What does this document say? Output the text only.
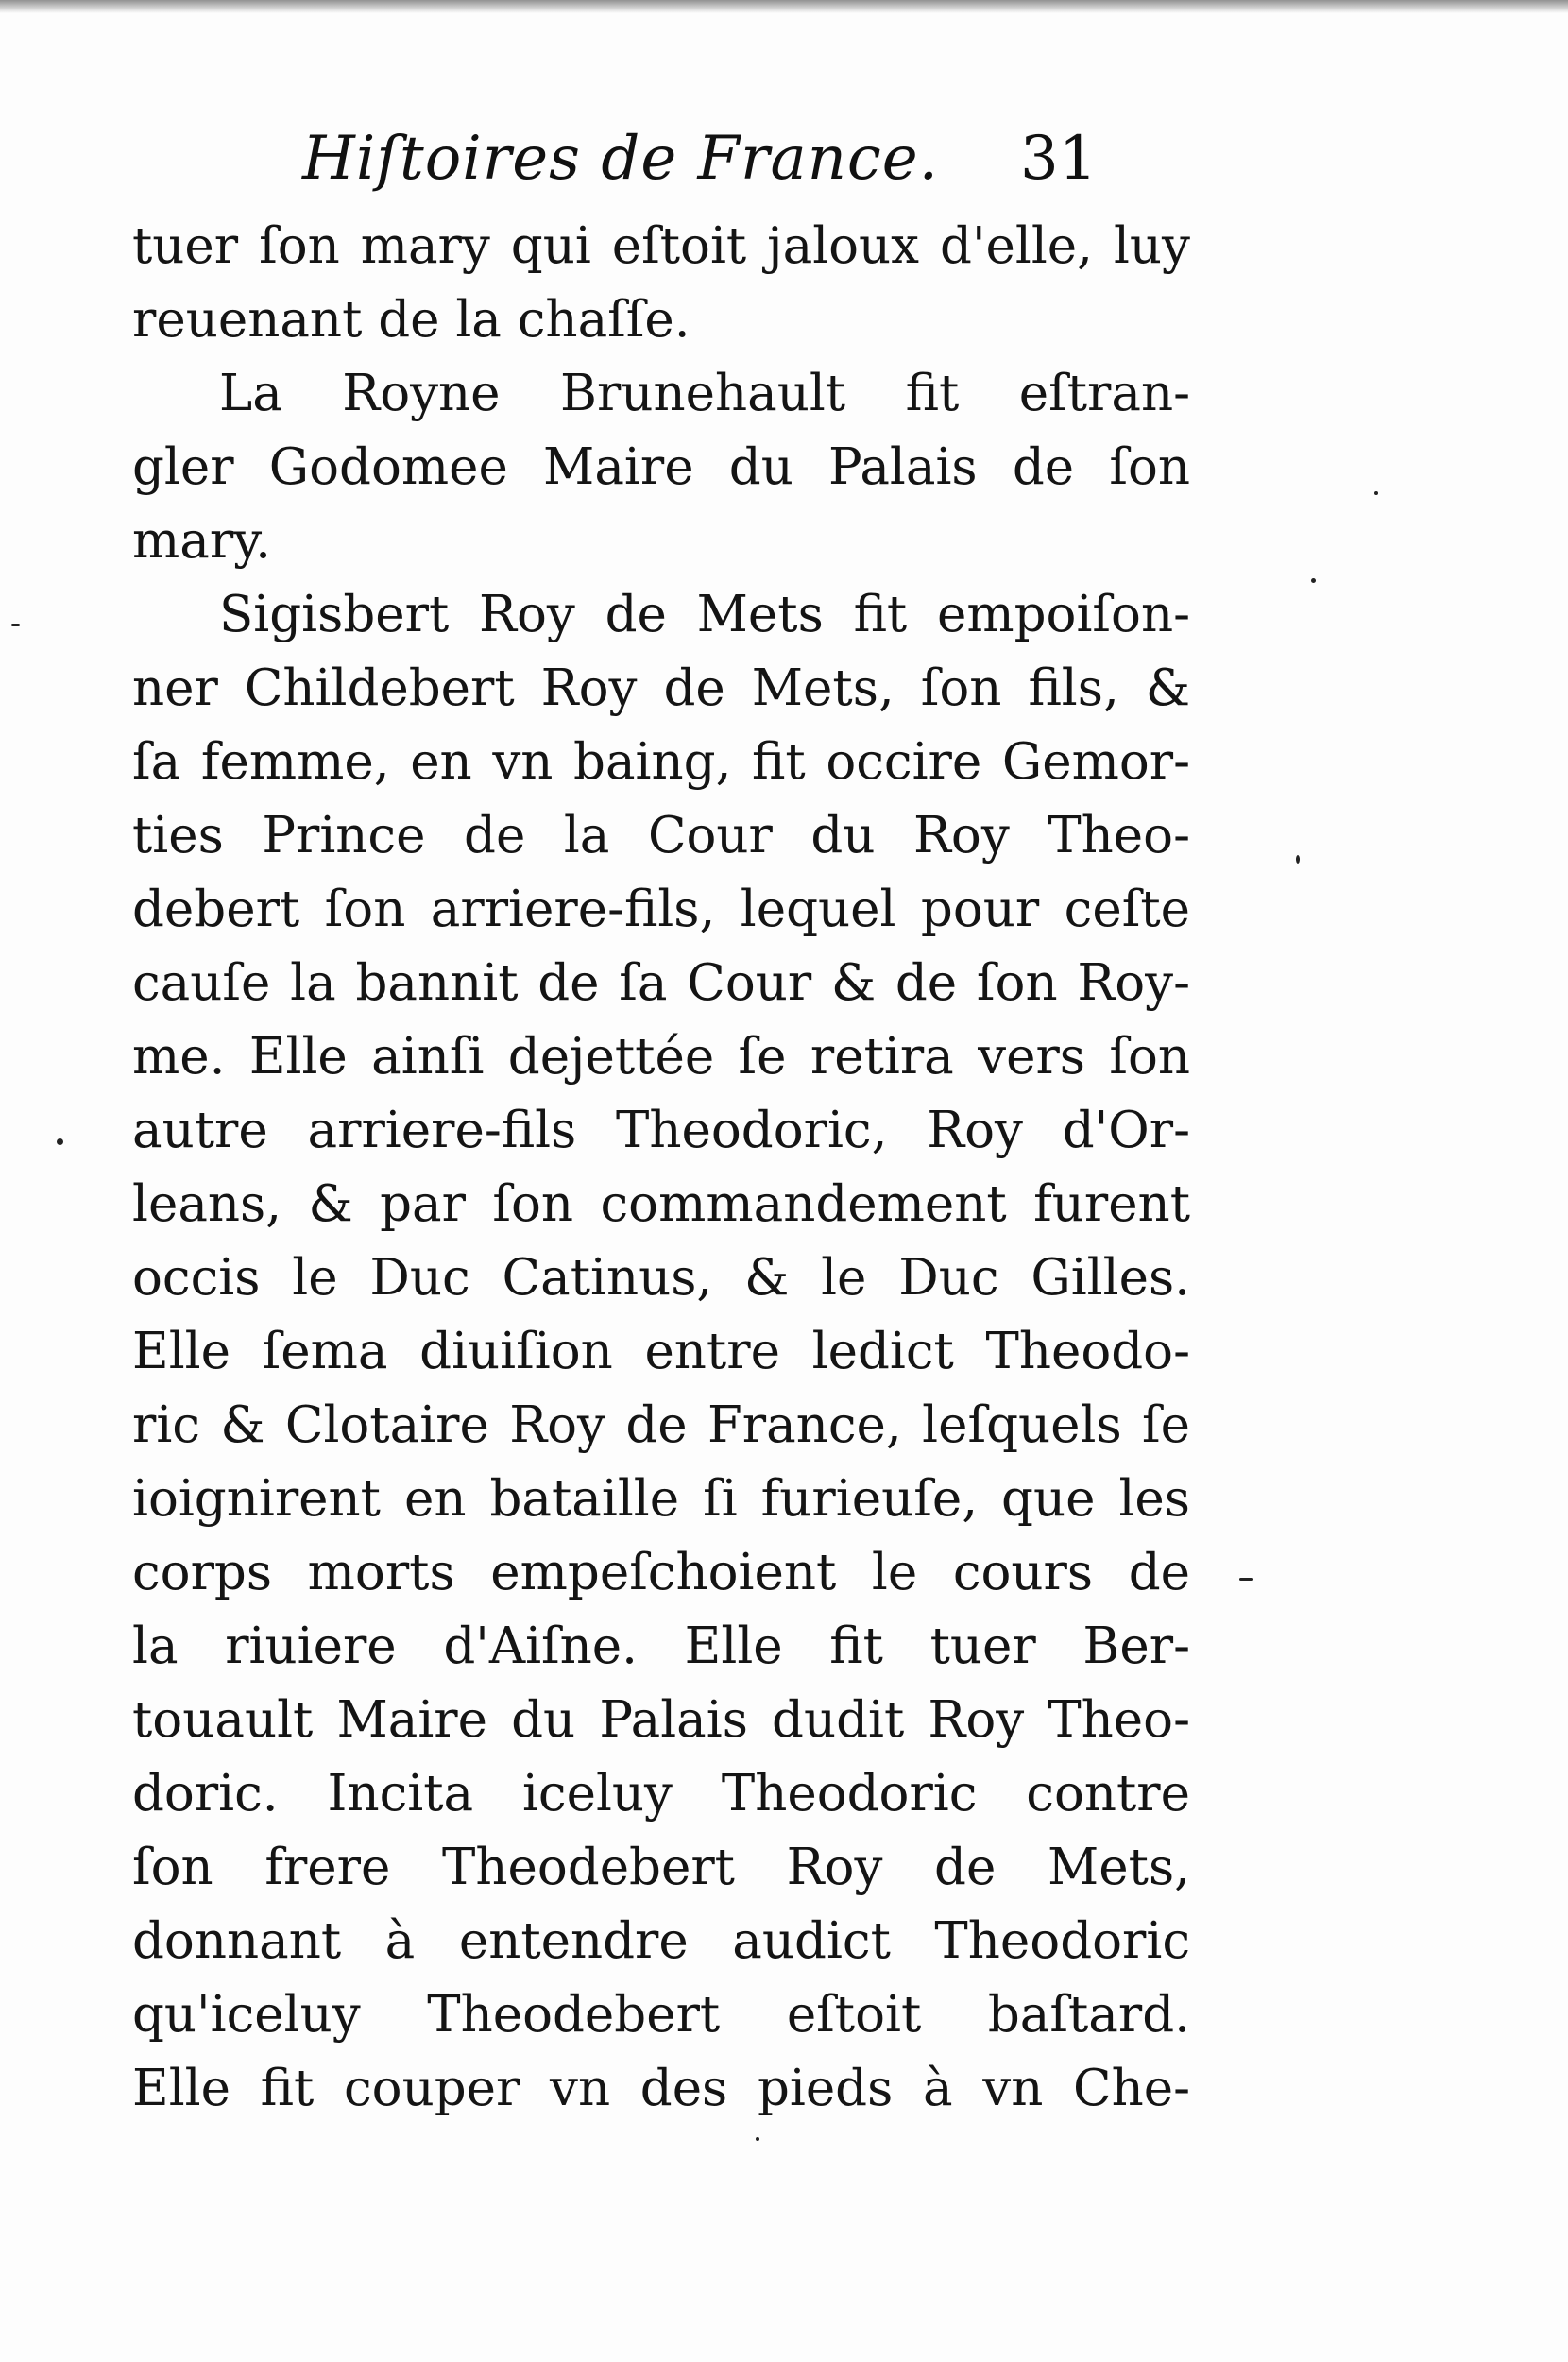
Hiſtoires de France. 31
tuer ſon mary qui eſtoit jaloux d'elle, luy
reuenant de la chaſſe.
La Royne Brunehault fit eſtran-
gler Godomee Maire du Palais de ſon
mary.
Sigisbert Roy de Mets fit empoiſon-
ner Childebert Roy de Mets, ſon fils, &
ſa femme, en vn baing, fit occire Gemor-
ties Prince de la Cour du Roy Theo-
debert ſon arriere-fils, lequel pour ceſte
cauſe la bannit de ſa Cour & de ſon Roy-
me. Elle ainſi dejettée ſe retira vers ſon
autre arriere-fils Theodoric, Roy d'Or-
leans, & par ſon commandement furent
occis le Duc Catinus, & le Duc Gilles.
Elle ſema diuiſion entre ledict Theodo-
ric & Clotaire Roy de France, leſquels ſe
ioignirent en bataille ſi furieuſe, que les
corps morts empeſchoient le cours de
la riuiere d'Aiſne. Elle fit tuer Ber-
touault Maire du Palais dudit Roy Theo-
doric. Incita iceluy Theodoric contre
ſon frere Theodebert Roy de Mets,
donnant à entendre audict Theodoric
qu'iceluy Theodebert eſtoit baſtard.
Elle fit couper vn des pieds à vn Che-
